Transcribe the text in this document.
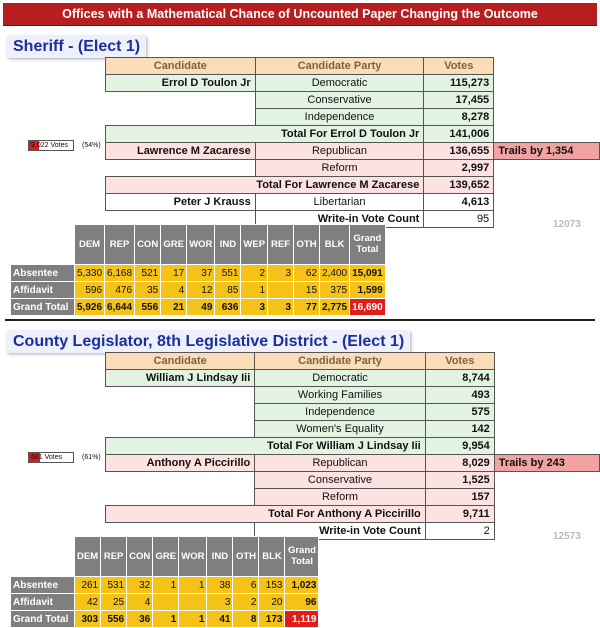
Offices with a Mathematical Chance of Uncounted Paper Changing the Outcome
Sheriff - (Elect 1)
9,022 Votes (54%)
Candidate	Candidate Party	Votes	
Errol D Toulon Jr	Democratic	115,273	
	Conservative	17,455	
	Independence	8,278	
Total For Errol D Toulon Jr		141,006	
Lawrence M Zacarese	Republican	136,655	Trails by 1,354
	Reform	2,997	
Total For Lawrence M Zacarese		139,652	
Peter J Krauss	Libertarian	4,613	
	Write-in Vote Count	95		12073
	DEM	REP	CON	GRE	WOR	IND	WEP	REF	OTH	BLK	Grand Total
Absentee	5,330	6,168	521	17	37	551	2	3	62	2,400	15,091
Affidavit	596	476	35	4	12	85	1		15	375	1,599
Grand Total	5,926	6,644	556	21	49	636	3	3	77	2,775	16,690
County Legislator, 8th Legislative District - (Elect 1)
Candidate	Candidate Party	Votes	
William J Lindsay Iii	Democratic	8,744	
	Working Families	493	
	Independence	575	
	Women's Equality	142	
Total For William J Lindsay Iii		9,954	
Anthony A Piccirillo	Republican	8,029	Trails by 243
	Conservative	1,525	
	Reform	157	
Total For Anthony A Piccirillo		9,711	
	Write-in Vote Count	2	
681 Votes	(61%)
12573
	DEM	REP	CON	GRE	WOR	IND	OTH	BLK	Grand Total
Absentee	261	531	32	1	1	38	6	153	1,023
Affidavit	42	25	4			3	2	20	96
Grand Total	303	556	36	1	1	41	8	173	1,119
